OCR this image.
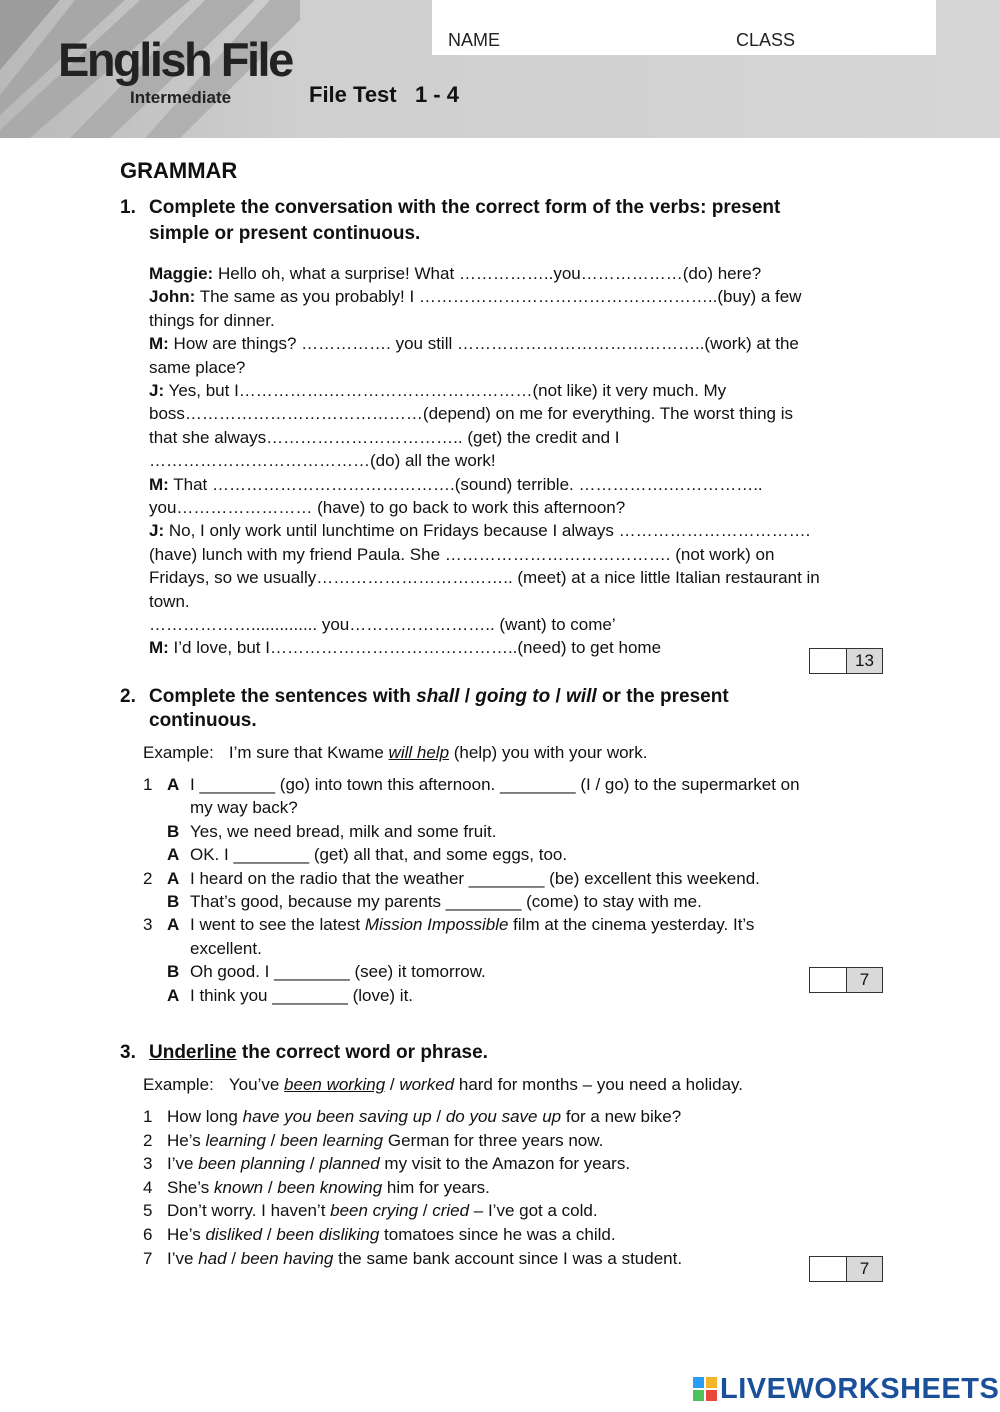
NAME	CLASS
English File
Intermediate	File Test   1 - 4
GRAMMAR
1. Complete the conversation with the correct form of the verbs: present
simple or present continuous.
Maggie: Hello oh, what a surprise! What ……………..you………………(do) here?
John: The same as you probably! I ……………………………………………..(buy) a few
things for dinner.
M: How are things? ……………. you still ……………………………………..(work) at the
same place?
J: Yes, but I…………….………………………………(not like) it very much. My
boss……………………………………(depend) on me for everything. The worst thing is
that she always…………………………….. (get) the credit and I
…………………………………(do) all the work!
M: That …………………………………….(sound) terrible. …………….……………..
you…………………… (have) to go back to work this afternoon?
J: No, I only work until lunchtime on Fridays because I always …………………………….
(have) lunch with my friend Paula. She …………………………………. (not work) on
Fridays, so we usually…………………………….. (meet) at a nice little Italian restaurant in
town.
……………….............. you…………………….. (want) to come’
M: I’d love, but I……………………………………..(need) to get home
13
2. Complete the sentences with shall / going to / will or the present
continuous.
Example: I’m sure that Kwame will help (help) you with your work.
1 A I ________ (go) into town this afternoon. ________ (I / go) to the supermarket on
my way back?
B Yes, we need bread, milk and some fruit.
A OK. I ________ (get) all that, and some eggs, too.
2 A I heard on the radio that the weather ________ (be) excellent this weekend.
B That’s good, because my parents ________ (come) to stay with me.
3 A I went to see the latest Mission Impossible film at the cinema yesterday. It’s
excellent.
B Oh good. I ________ (see) it tomorrow.
A I think you ________ (love) it.
7
3. Underline the correct word or phrase.
Example: You’ve been working / worked hard for months – you need a holiday.
1 How long have you been saving up / do you save up for a new bike?
2 He’s learning / been learning German for three years now.
3 I’ve been planning / planned my visit to the Amazon for years.
4 She’s known / been knowing him for years.
5 Don’t worry. I haven’t been crying / cried – I’ve got a cold.
6 He’s disliked / been disliking tomatoes since he was a child.
7 I’ve had / been having the same bank account since I was a student.
7
LIVEWORKSHEETS
